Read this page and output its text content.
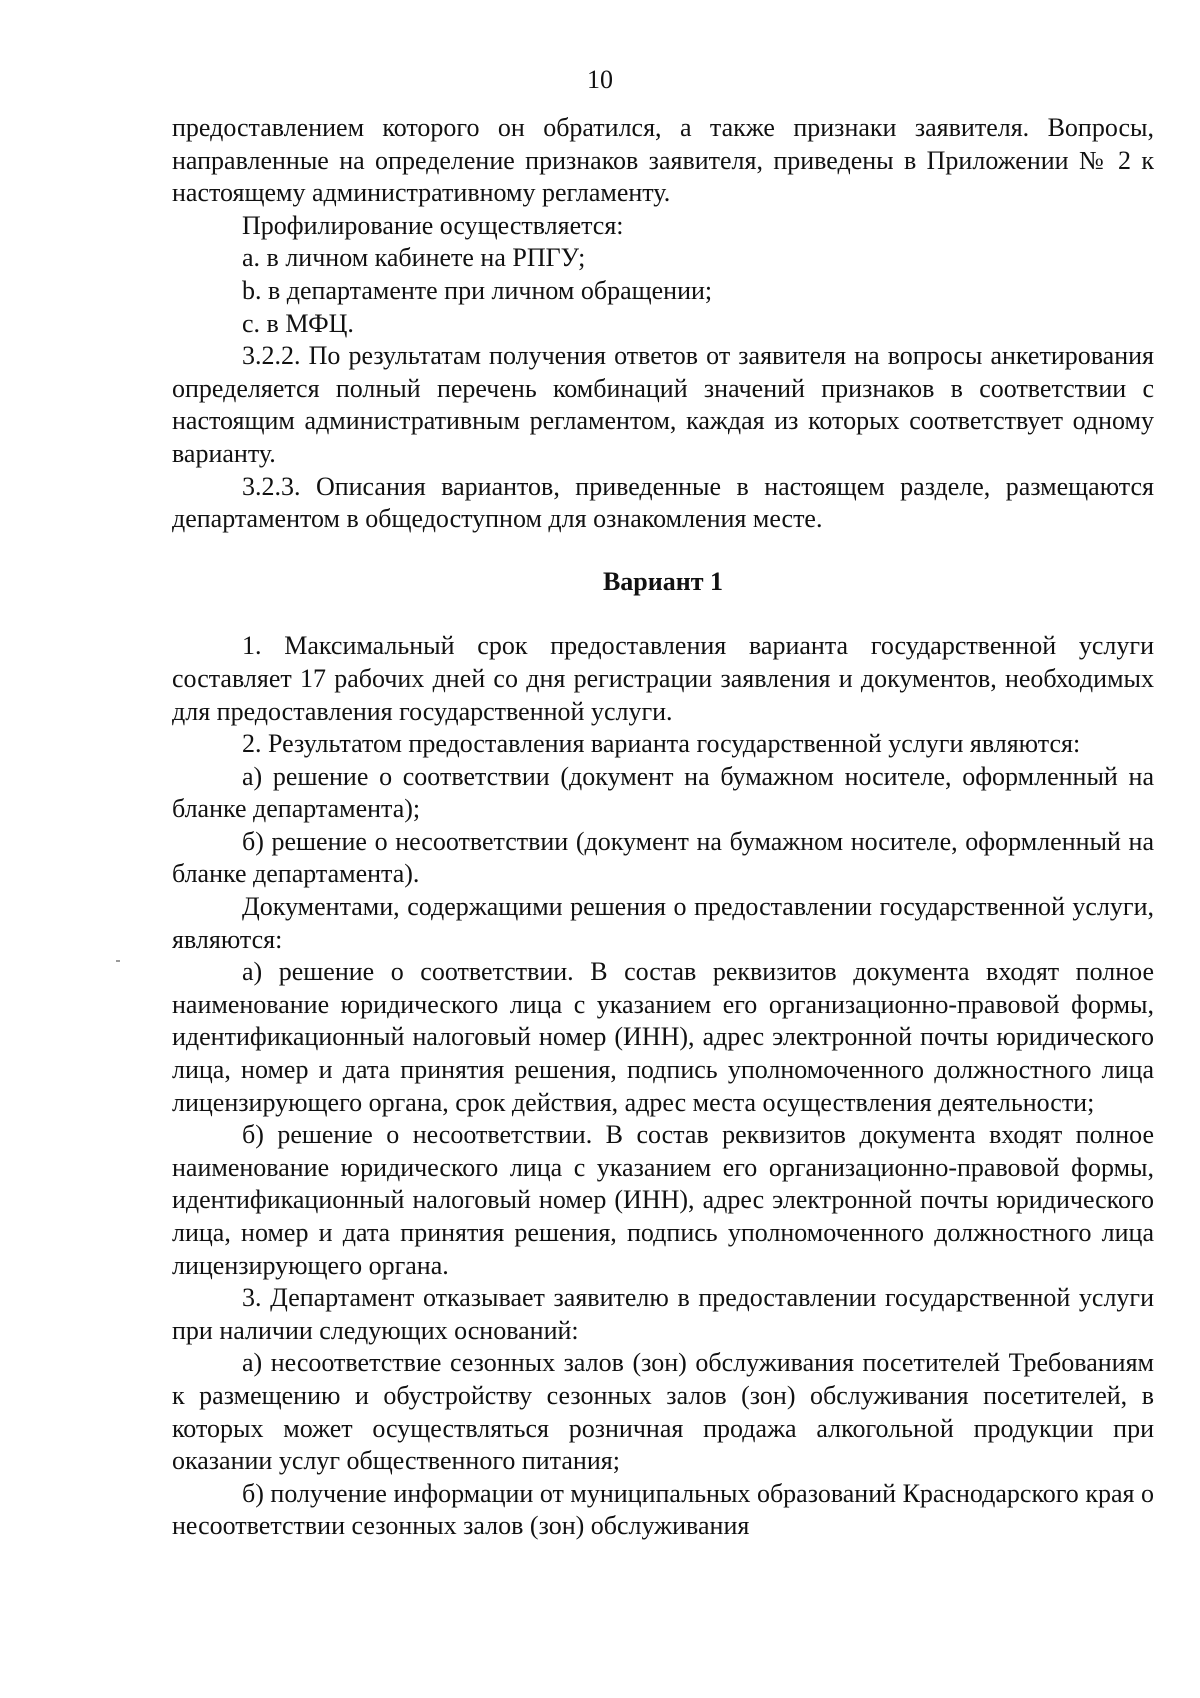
10

предоставлением которого он обратился, а также признаки заявителя. Вопросы, направленные на определение признаков заявителя, приведены в Приложении № 2 к настоящему административному регламенту.

Профилирование осуществляется:

a. в личном кабинете на РПГУ;

b. в департаменте при личном обращении;

c. в МФЦ.

3.2.2. По результатам получения ответов от заявителя на вопросы анкетирования определяется полный перечень комбинаций значений признаков в соответствии с настоящим административным регламентом, каждая из которых соответствует одному варианту.

3.2.3. Описания вариантов, приведенные в настоящем разделе, размещаются департаментом в общедоступном для ознакомления месте.

Вариант 1

1. Максимальный срок предоставления варианта государственной услуги составляет 17 рабочих дней со дня регистрации заявления и документов, необходимых для предоставления государственной услуги.

2. Результатом предоставления варианта государственной услуги являются:

а) решение о соответствии (документ на бумажном носителе, оформленный на бланке департамента);

б) решение о несоответствии (документ на бумажном носителе, оформленный на бланке департамента).

Документами, содержащими решения о предоставлении государственной услуги, являются:

а) решение о соответствии. В состав реквизитов документа входят полное наименование юридического лица с указанием его организационно-правовой формы, идентификационный налоговый номер (ИНН), адрес электронной почты юридического лица, номер и дата принятия решения, подпись уполномоченного должностного лица лицензирующего органа, срок действия, адрес места осуществления деятельности;

б) решение о несоответствии. В состав реквизитов документа входят полное наименование юридического лица с указанием его организационно-правовой формы, идентификационный налоговый номер (ИНН), адрес электронной почты юридического лица, номер и дата принятия решения, подпись уполномоченного должностного лица лицензирующего органа.

3. Департамент отказывает заявителю в предоставлении государственной услуги при наличии следующих оснований:

а) несоответствие сезонных залов (зон) обслуживания посетителей Требованиям к размещению и обустройству сезонных залов (зон) обслуживания посетителей, в которых может осуществляться розничная продажа алкогольной продукции при оказании услуг общественного питания;

б) получение информации от муниципальных образований Краснодарского края о несоответствии сезонных залов (зон) обслуживания
